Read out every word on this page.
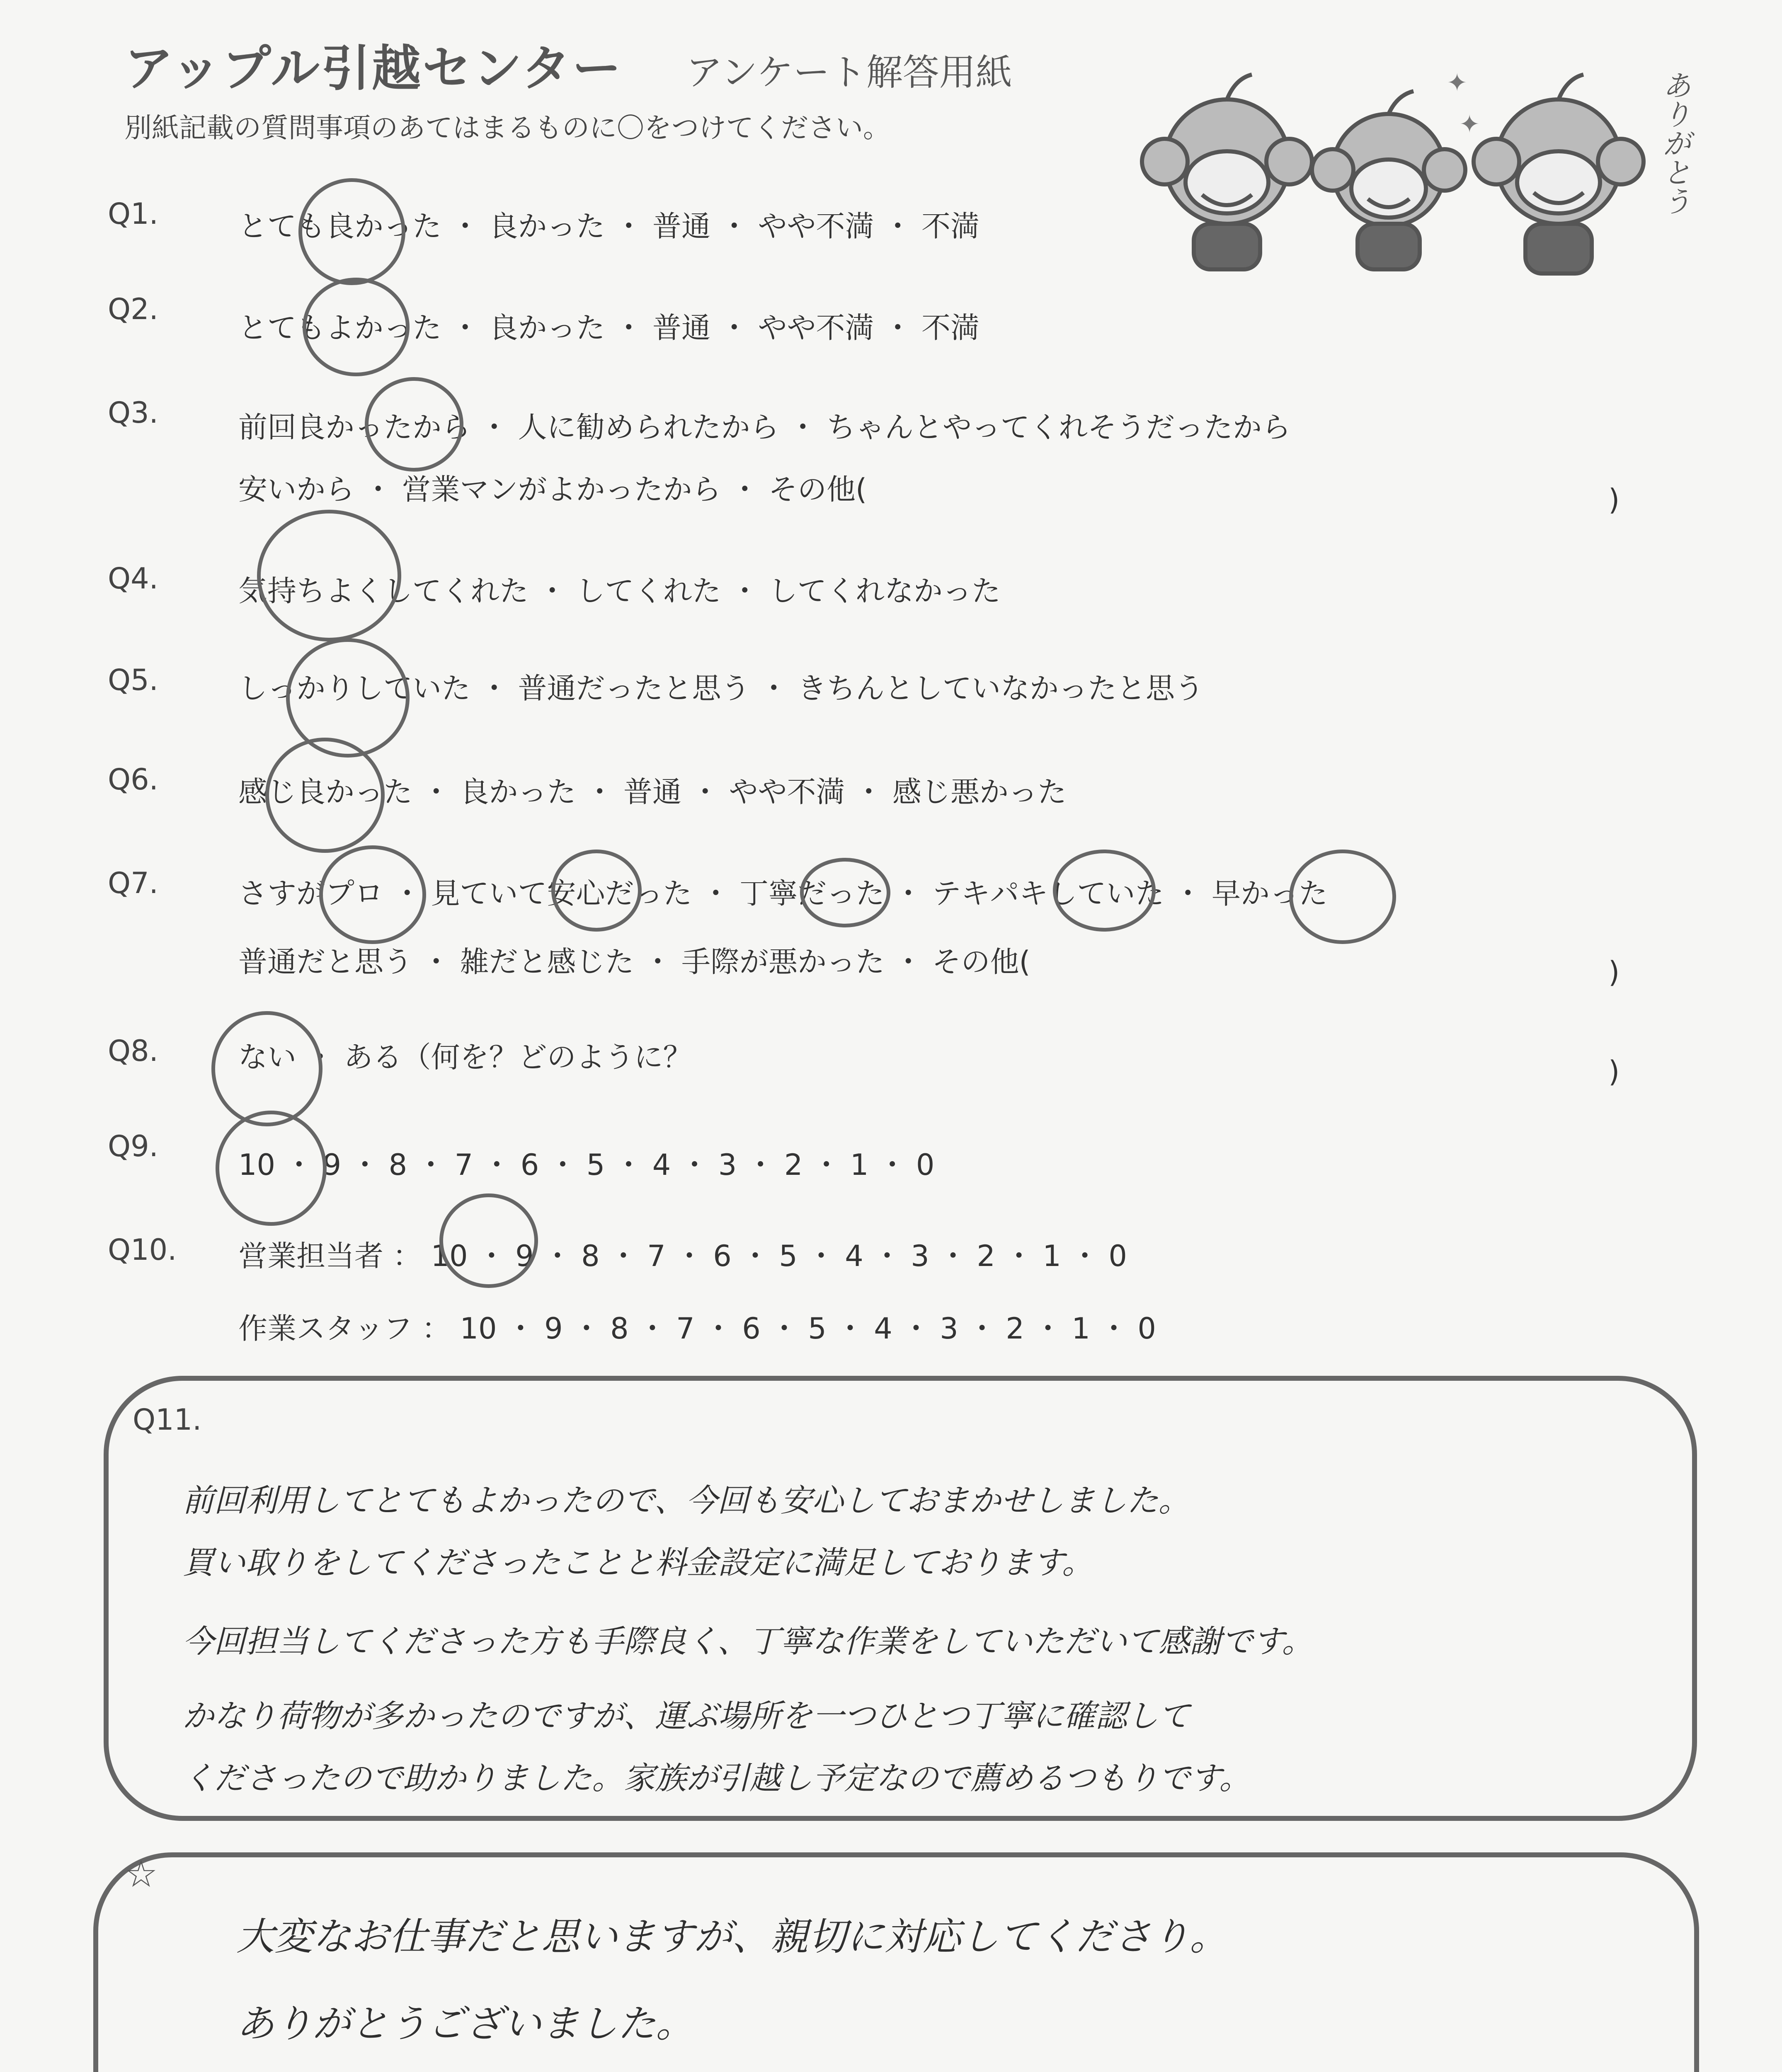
アップル引越センター アンケート解答用紙
別紙記載の質問事項のあてはまるものに〇をつけてください。
✦
✦	ありがとう
Q1.	とても良かった ・ 良かった ・ 普通 ・ やや不満 ・ 不満
Q2.
とてもよかった ・ 良かった ・ 普通 ・ やや不満 ・ 不満
Q3.	前回良かったから ・ 人に勧められたから ・ ちゃんとやってくれそうだったから
安いから ・ 営業マンがよかったから ・ その他(	)
Q4.	気持ちよくしてくれた ・ してくれた ・ してくれなかった
Q5.	しっかりしていた ・ 普通だったと思う ・ きちんとしていなかったと思う
Q6.	感じ良かった ・ 良かった ・ 普通 ・ やや不満 ・ 感じ悪かった
Q7.	さすがプロ ・ 見ていて安心だった ・ 丁寧だった ・ テキパキしていた ・ 早かった
普通だと思う ・ 雑だと感じた ・ 手際が悪かった ・ その他(	)
Q8.	ない ・ ある（何を？どのように？	)
Q9.
10 ・ 9 ・ 8 ・ 7 ・ 6 ・ 5 ・ 4 ・ 3 ・ 2 ・ 1 ・ 0
Q10. 営業担当者 ： 10 ・ 9 ・ 8 ・ 7 ・ 6 ・ 5 ・ 4 ・ 3 ・ 2 ・ 1 ・ 0
作業スタッフ ： 10 ・ 9 ・ 8 ・ 7 ・ 6 ・ 5 ・ 4 ・ 3 ・ 2 ・ 1 ・ 0
Q11.
前回利用してとてもよかったので、今回も安心しておまかせしました。
買い取りをしてくださったことと料金設定に満足しております。
今回担当してくださった方も手際良く、丁寧な作業をしていただいて感謝です。
かなり荷物が多かったのですが、運ぶ場所を一つひとつ丁寧に確認して
くださったので助かりました。家族が引越し予定なので薦めるつもりです。
☆
大変なお仕事だと思いますが、親切に対応してくださり。
ありがとうございました。
